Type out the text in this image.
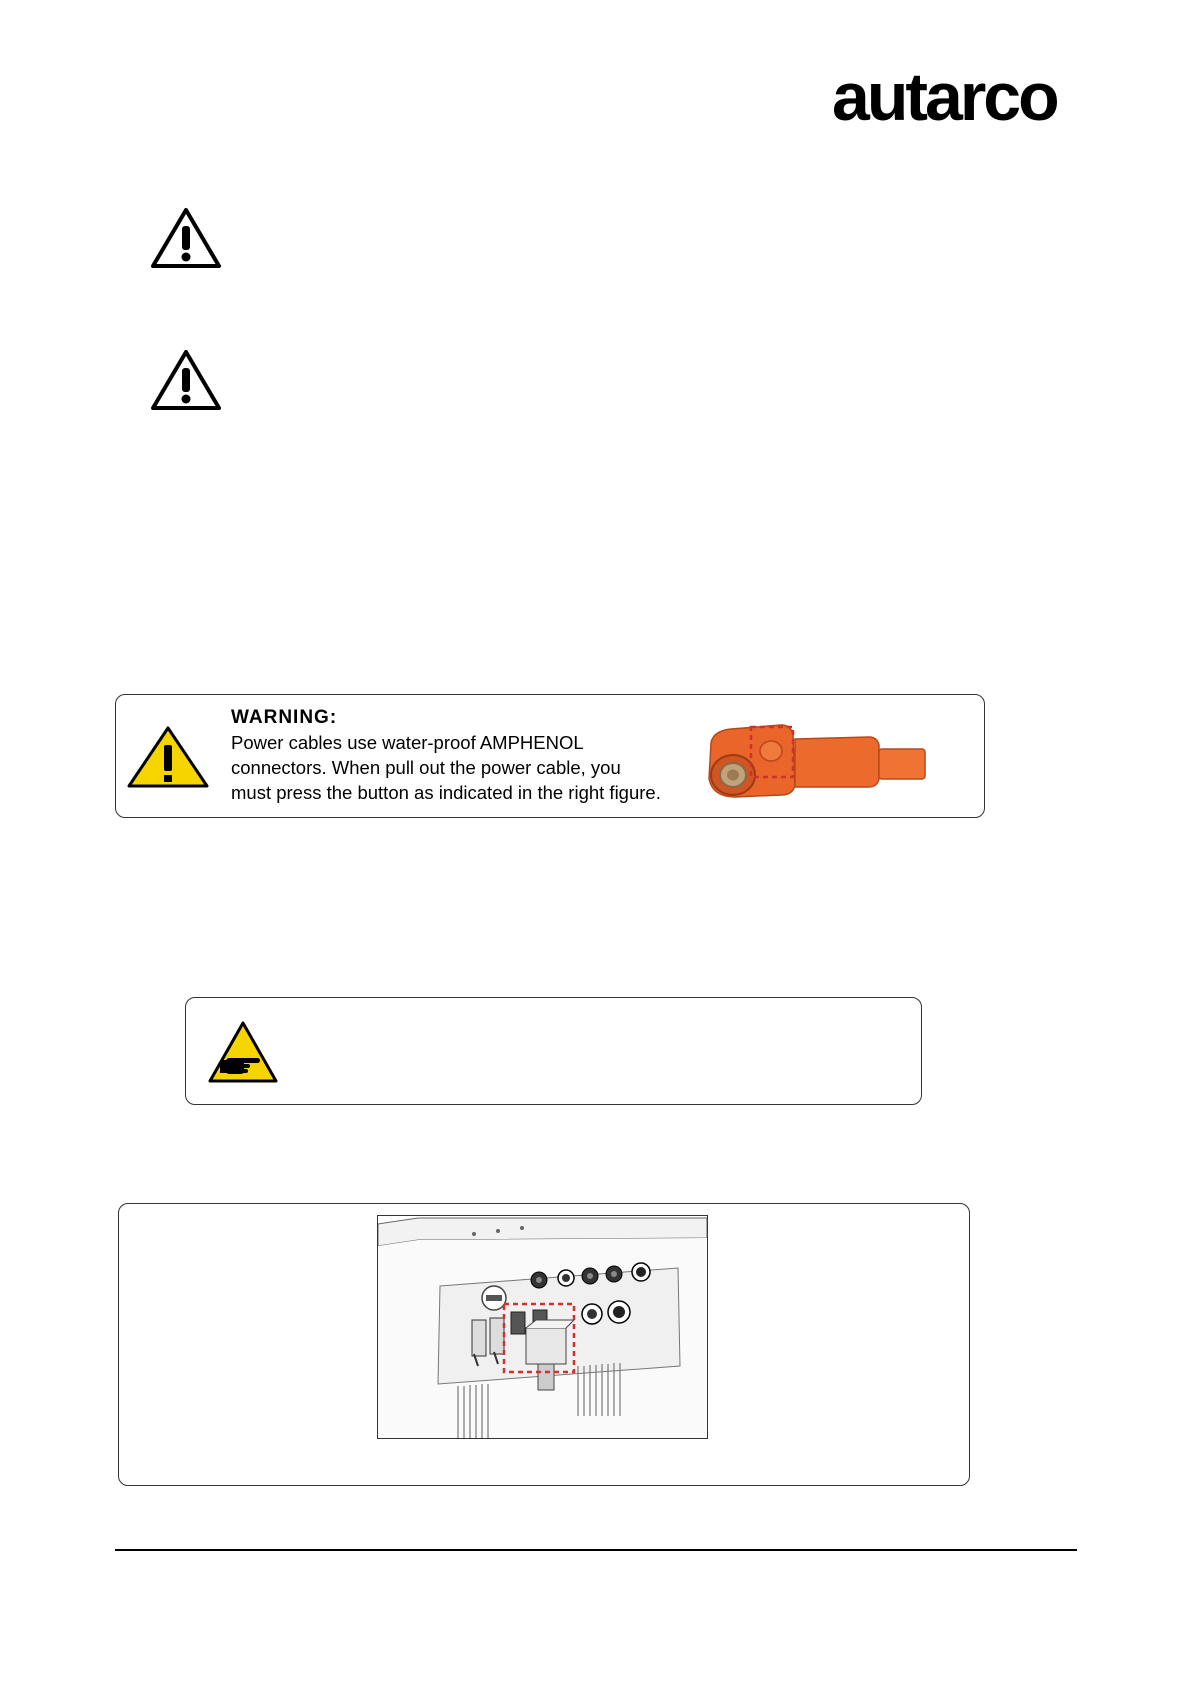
autarco
WARNING:
Power cables use water-proof AMPHENOL
connectors. When pull out the power cable, you
must press the button as indicated in the right figure.
